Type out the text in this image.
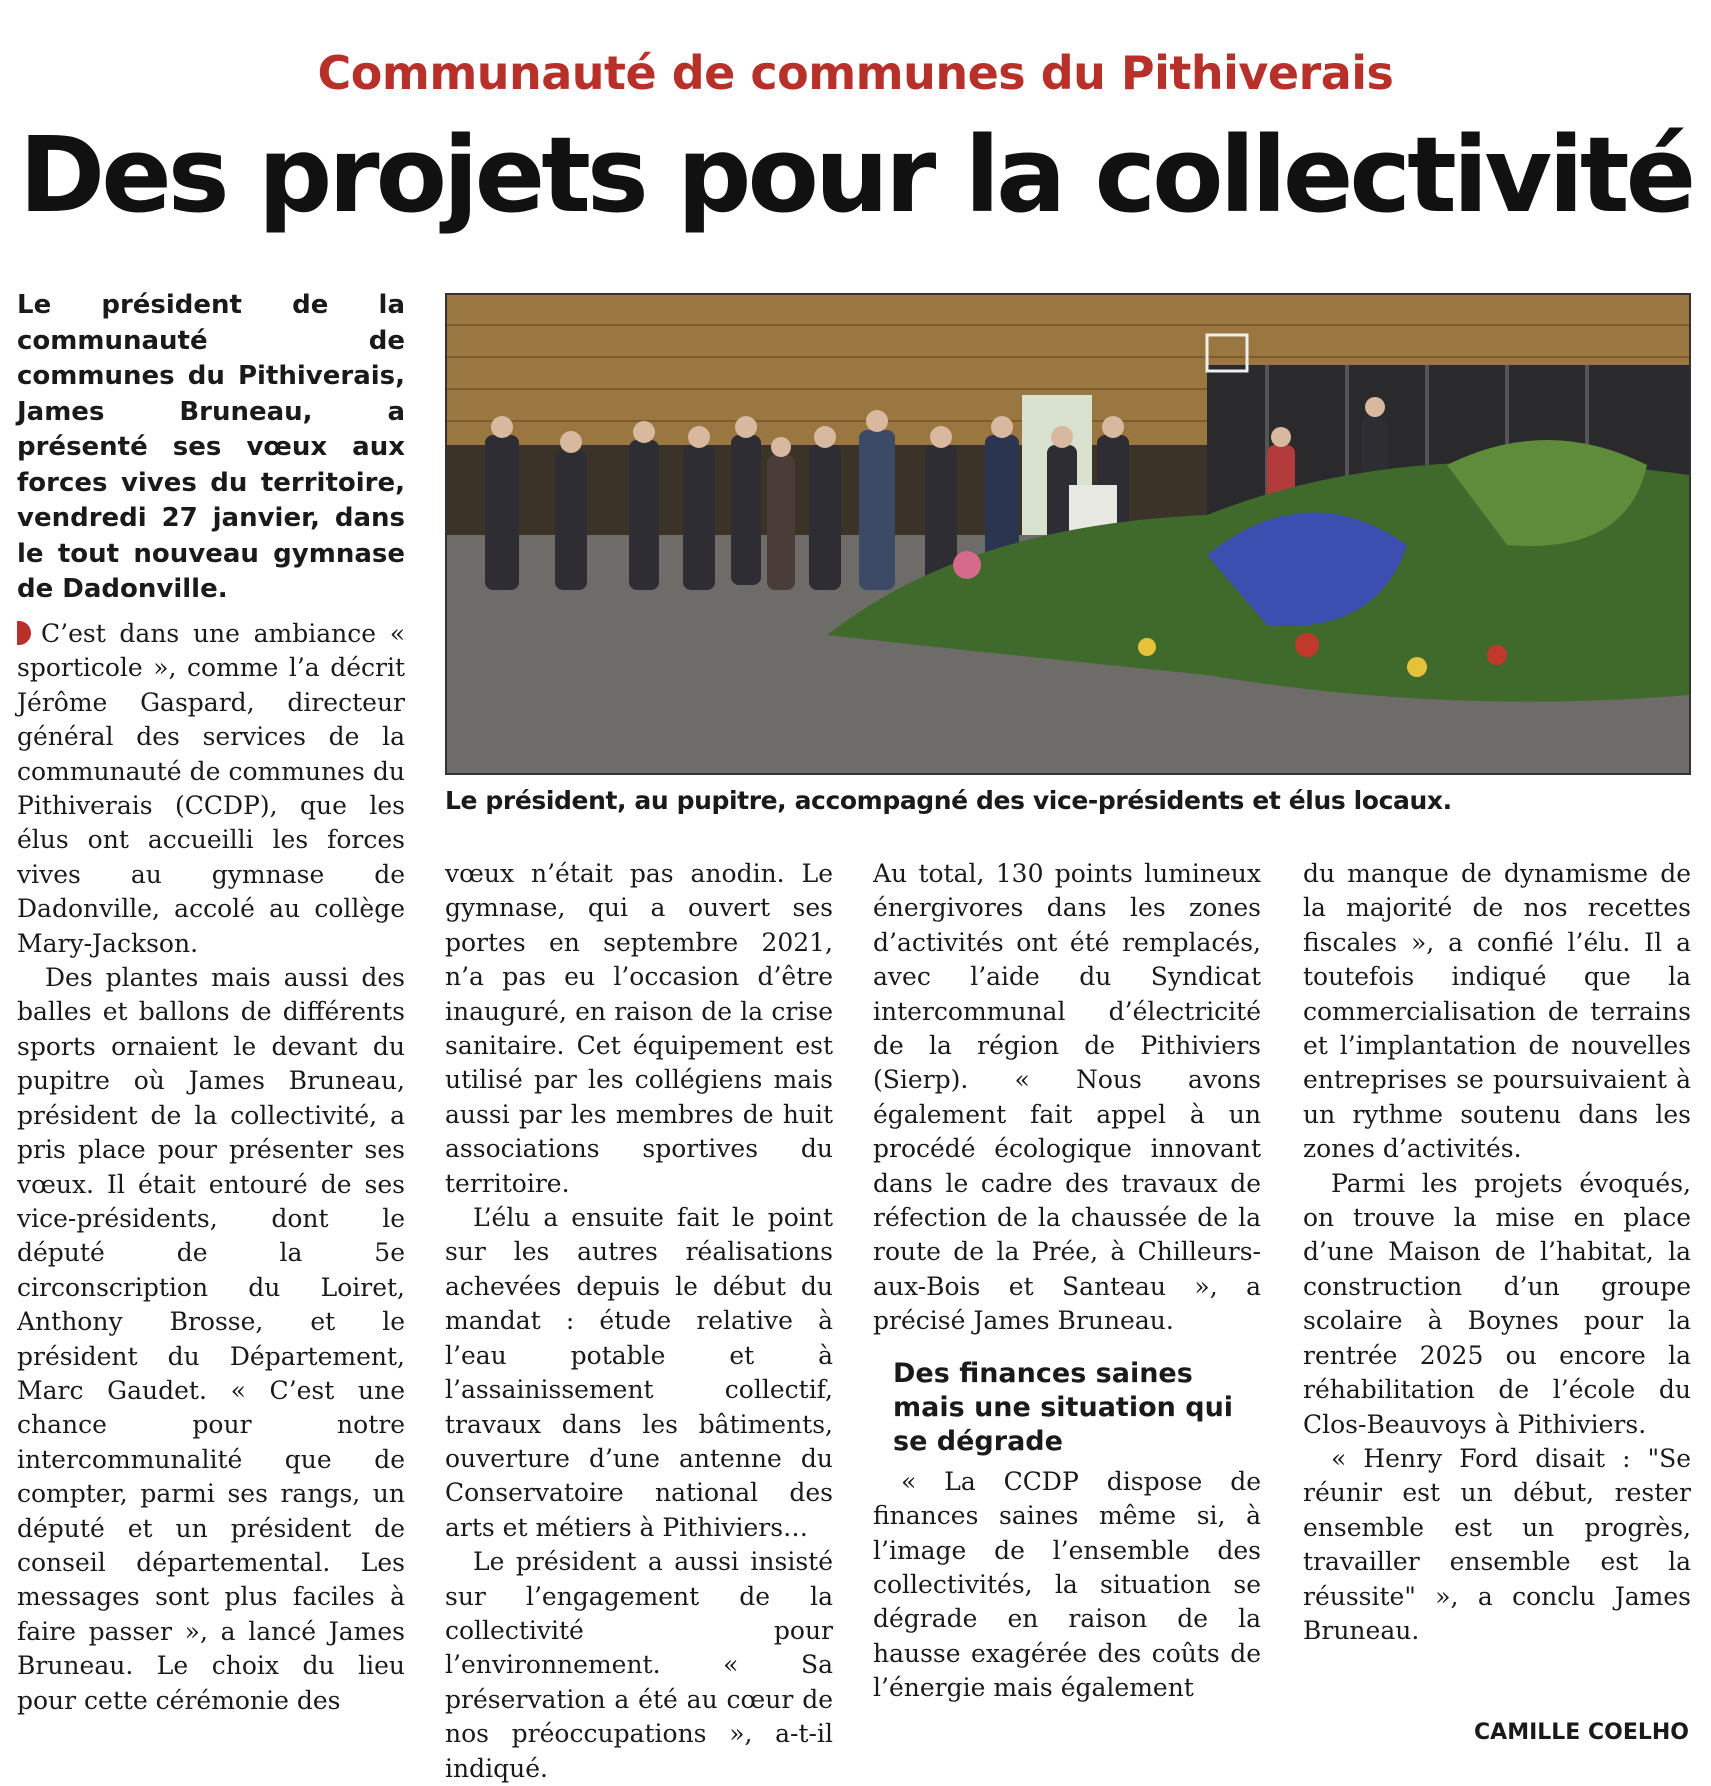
Communauté de communes du Pithiverais
Des projets pour la collectivité
Le président de la communauté de communes du Pithiverais, James Bruneau, a présenté ses vœux aux forces vives du territoire, vendredi 27 janvier, dans le tout nouveau gymnase de Dadonville.
Le président, au pupitre, accompagné des vice-présidents et élus locaux.

C’est dans une ambiance « sporticole », comme l’a décrit Jérôme Gaspard, directeur général des services de la communauté de communes du Pithiverais (CCDP), que les élus ont accueilli les forces vives au gymnase de Dadonville, accolé au collège Mary-Jackson.

Des plantes mais aussi des balles et ballons de différents sports ornaient le devant du pupitre où James Bruneau, président de la collectivité, a pris place pour présenter ses vœux. Il était entouré de ses vice-présidents, dont le député de la 5e circonscription du Loiret, Anthony Brosse, et le président du Département, Marc Gaudet. « C’est une chance pour notre intercommunalité que de compter, parmi ses rangs, un député et un président de conseil départemental. Les messages sont plus faciles à faire passer », a lancé James Bruneau. Le choix du lieu pour cette cérémonie des

vœux n’était pas anodin. Le gymnase, qui a ouvert ses portes en septembre 2021, n’a pas eu l’occasion d’être inauguré, en raison de la crise sanitaire. Cet équipement est utilisé par les collégiens mais aussi par les membres de huit associations sportives du territoire.

L’élu a ensuite fait le point sur les autres réalisations achevées depuis le début du mandat : étude relative à l’eau potable et à l’assainissement collectif, travaux dans les bâtiments, ouverture d’une antenne du Conservatoire national des arts et métiers à Pithiviers…

Le président a aussi insisté sur l’engagement de la collectivité pour l’environnement. « Sa préservation a été au cœur de nos préoccupations », a-t-il indiqué.

Au total, 130 points lumineux énergivores dans les zones d’activités ont été remplacés, avec l’aide du Syndicat intercommunal d’électricité de la région de Pithiviers (Sierp). « Nous avons également fait appel à un procédé écologique innovant dans le cadre des travaux de réfection de la chaussée de la route de la Prée, à Chilleurs-aux-Bois et Santeau », a précisé James Bruneau.

Des finances saines mais une situation qui se dégrade

« La CCDP dispose de finances saines même si, à l’image de l’ensemble des collectivités, la situation se dégrade en raison de la hausse exagérée des coûts de l’énergie mais également

du manque de dynamisme de la majorité de nos recettes fiscales », a confié l’élu. Il a toutefois indiqué que la commercialisation de terrains et l’implantation de nouvelles entreprises se poursuivaient à un rythme soutenu dans les zones d’activités.

Parmi les projets évoqués, on trouve la mise en place d’une Maison de l’habitat, la construction d’un groupe scolaire à Boynes pour la rentrée 2025 ou encore la réhabilitation de l’école du Clos-Beauvoys à Pithiviers.

« Henry Ford disait : "Se réunir est un début, rester ensemble est un progrès, travailler ensemble est la réussite" », a conclu James Bruneau.

CAMILLE COELHO
